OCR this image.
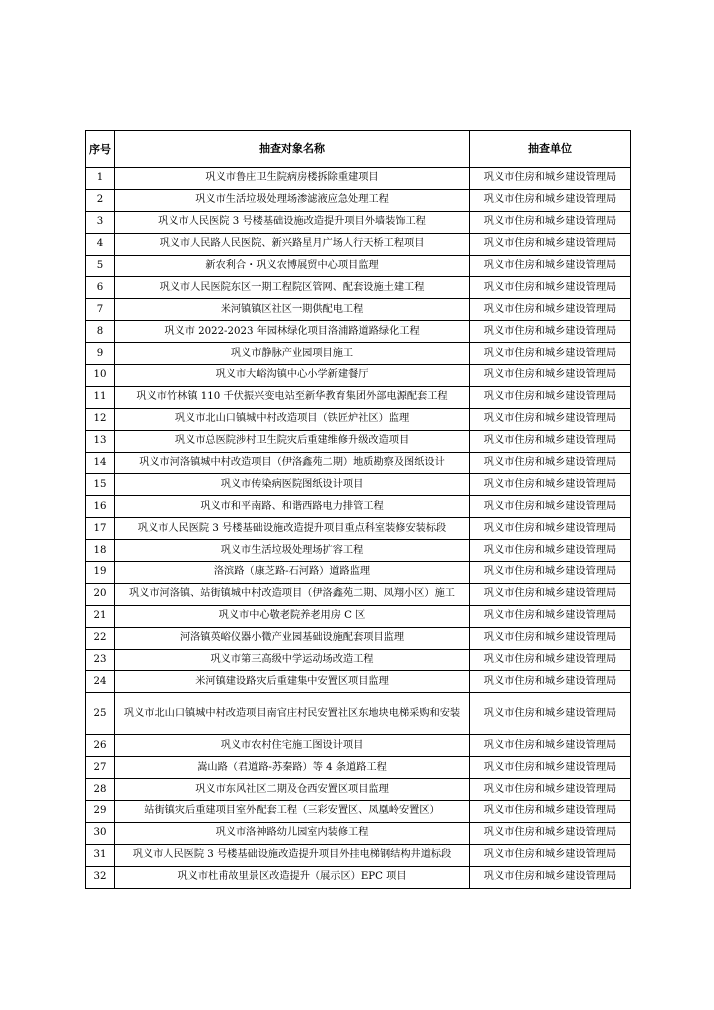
序号	抽查对象名称	抽查单位
1	巩义市鲁庄卫生院病房楼拆除重建项目	巩义市住房和城乡建设管理局
2	巩义市生活垃圾处理场渗滤液应急处理工程	巩义市住房和城乡建设管理局
3	巩义市人民医院 3 号楼基础设施改造提升项目外墙装饰工程	巩义市住房和城乡建设管理局
4	巩义市人民路人民医院、新兴路星月广场人行天桥工程项目	巩义市住房和城乡建设管理局
5	新农利合・巩义农博展贸中心项目监理	巩义市住房和城乡建设管理局
6	巩义市人民医院东区一期工程院区管网、配套设施土建工程	巩义市住房和城乡建设管理局
7	米河镇镇区社区一期供配电工程	巩义市住房和城乡建设管理局
8	巩义市 2022-2023 年园林绿化项目洛浦路道路绿化工程	巩义市住房和城乡建设管理局
9	巩义市静脉产业园项目施工	巩义市住房和城乡建设管理局
10	巩义市大峪沟镇中心小学新建餐厅	巩义市住房和城乡建设管理局
11	巩义市竹林镇 110 千伏振兴变电站至新华教育集团外部电源配套工程	巩义市住房和城乡建设管理局
12	巩义市北山口镇城中村改造项目（铁匠炉社区）监理	巩义市住房和城乡建设管理局
13	巩义市总医院涉村卫生院灾后重建维修升级改造项目	巩义市住房和城乡建设管理局
14	巩义市河洛镇城中村改造项目（伊洛鑫苑二期）地质勘察及图纸设计	巩义市住房和城乡建设管理局
15	巩义市传染病医院图纸设计项目	巩义市住房和城乡建设管理局
16	巩义市和平南路、和谐西路电力排管工程	巩义市住房和城乡建设管理局
17	巩义市人民医院 3 号楼基础设施改造提升项目重点科室装修安装标段	巩义市住房和城乡建设管理局
18	巩义市生活垃圾处理场扩容工程	巩义市住房和城乡建设管理局
19	洛滨路（康芝路-石河路）道路监理	巩义市住房和城乡建设管理局
20	巩义市河洛镇、站街镇城中村改造项目（伊洛鑫苑二期、凤翔小区）施工	巩义市住房和城乡建设管理局
21	巩义市中心敬老院养老用房 C 区	巩义市住房和城乡建设管理局
22	河洛镇英峪仪器小微产业园基础设施配套项目监理	巩义市住房和城乡建设管理局
23	巩义市第三高级中学运动场改造工程	巩义市住房和城乡建设管理局
24	米河镇建设路灾后重建集中安置区项目监理	巩义市住房和城乡建设管理局
25	巩义市北山口镇城中村改造项目南官庄村民安置社区东地块电梯采购和安装	巩义市住房和城乡建设管理局
26	巩义市农村住宅施工图设计项目	巩义市住房和城乡建设管理局
27	嵩山路（君道路-苏秦路）等 4 条道路工程	巩义市住房和城乡建设管理局
28	巩义市东风社区二期及仓西安置区项目监理	巩义市住房和城乡建设管理局
29	站街镇灾后重建项目室外配套工程（三彩安置区、凤凰岭安置区）	巩义市住房和城乡建设管理局
30	巩义市洛神路幼儿园室内装修工程	巩义市住房和城乡建设管理局
31	巩义市人民医院 3 号楼基础设施改造提升项目外挂电梯钢结构井道标段	巩义市住房和城乡建设管理局
32	巩义市杜甫故里景区改造提升（展示区）EPC 项目	巩义市住房和城乡建设管理局
